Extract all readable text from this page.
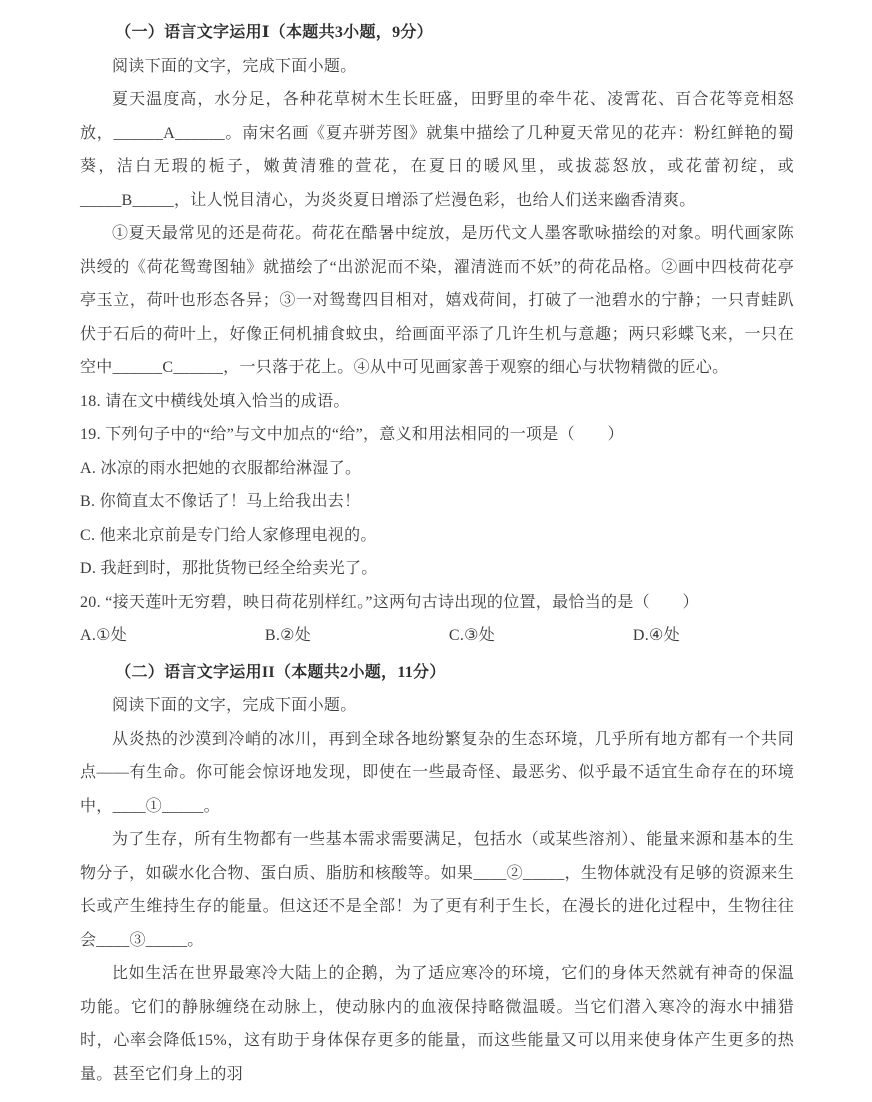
（一）语言文字运用Ⅰ（本题共3小题，9分）

阅读下面的文字，完成下面小题。

夏天温度高，水分足，各种花草树木生长旺盛，田野里的牵牛花、凌霄花、百合花等竞相怒放，______A______。南宋名画《夏卉骈芳图》就集中描绘了几种夏天常见的花卉：粉红鲜艳的蜀葵，洁白无瑕的栀子，嫩黄清雅的萱花，在夏日的暖风里，或拔蕊怒放，或花蕾初绽，或_____B_____，让人悦目清心，为炎炎夏日增添了烂漫色彩，也给人们送来幽香清爽。

①夏天最常见的还是荷花。荷花在酷暑中绽放，是历代文人墨客歌咏描绘的对象。明代画家陈洪绶的《荷花鸳鸯图轴》就描绘了“出淤泥而不染，濯清涟而不妖”的荷花品格。②画中四枝荷花亭亭玉立，荷叶也形态各异；③一对鸳鸯四目相对，嬉戏荷间，打破了一池碧水的宁静；一只青蛙趴伏于石后的荷叶上，好像正伺机捕食蚊虫，给画面平添了几许生机与意趣；两只彩蝶飞来，一只在空中______C______，一只落于花上。④从中可见画家善于观察的细心与状物精微的匠心。

18. 请在文中横线处填入恰当的成语。

19. 下列句子中的“给”与文中加点的“给”，意义和用法相同的一项是（　　）

A. 冰凉的雨水把她的衣服都给淋湿了。

B. 你简直太不像话了！马上给我出去！

C. 他来北京前是专门给人家修理电视的。

D. 我赶到时，那批货物已经全给卖光了。

20. “接天莲叶无穷碧，映日荷花别样红。”这两句古诗出现的位置，最恰当的是（　　）

A.①处	B.②处	C.③处	D.④处

（二）语言文字运用II（本题共2小题，11分）

阅读下面的文字，完成下面小题。

从炎热的沙漠到冷峭的冰川，再到全球各地纷繁复杂的生态环境，几乎所有地方都有一个共同点——有生命。你可能会惊讶地发现，即使在一些最奇怪、最恶劣、似乎最不适宜生命存在的环境中，____①_____。

为了生存，所有生物都有一些基本需求需要满足，包括水（或某些溶剂）、能量来源和基本的生物分子，如碳水化合物、蛋白质、脂肪和核酸等。如果____②_____，生物体就没有足够的资源来生长或产生维持生存的能量。但这还不是全部！为了更有利于生长，在漫长的进化过程中，生物往往会____③_____。

比如生活在世界最寒冷大陆上的企鹅，为了适应寒冷的环境，它们的身体天然就有神奇的保温功能。它们的静脉缠绕在动脉上，使动脉内的血液保持略微温暖。当它们潜入寒冷的海水中捕猎时，心率会降低15%，这有助于身体保存更多的能量，而这些能量又可以用来使身体产生更多的热量。甚至它们身上的羽
